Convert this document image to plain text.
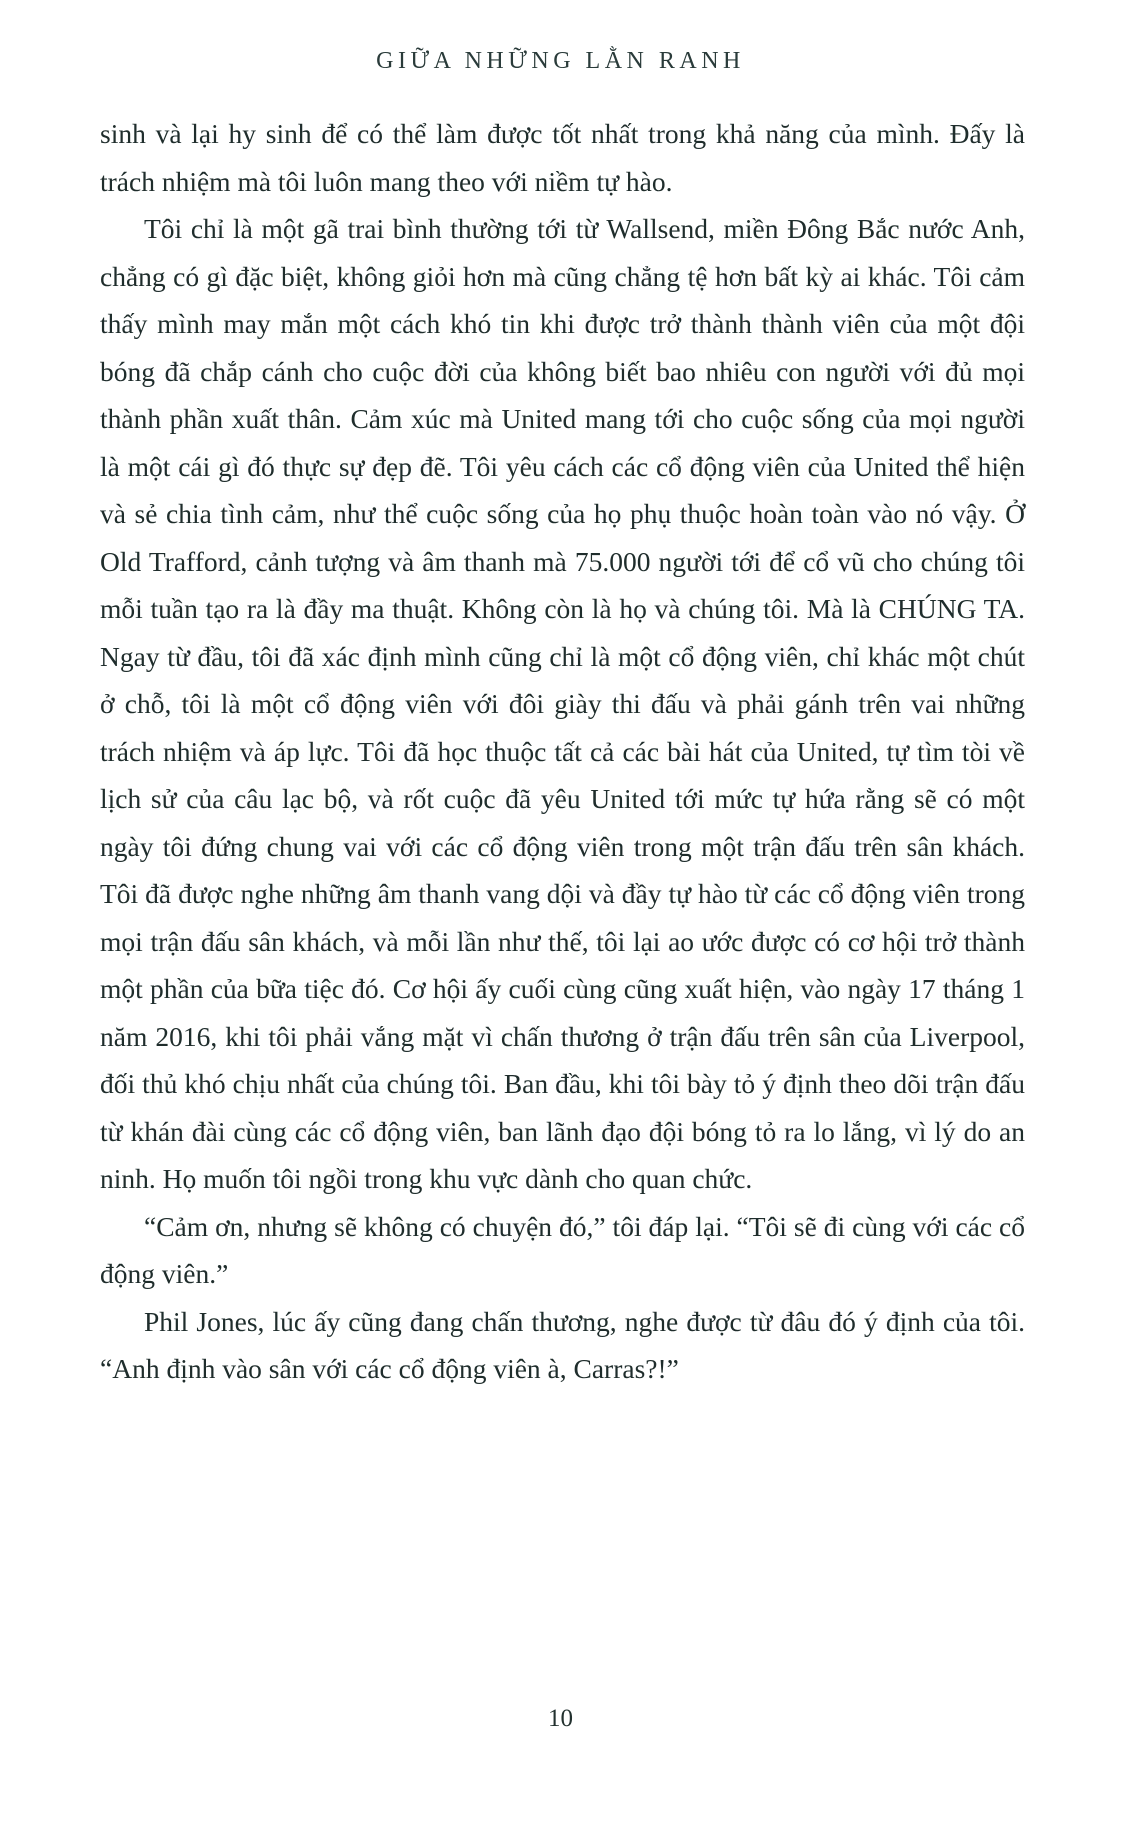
GIỮA NHỮNG LẰN RANH

sinh và lại hy sinh để có thể làm được tốt nhất trong khả năng của mình. Đấy là trách nhiệm mà tôi luôn mang theo với niềm tự hào.

Tôi chỉ là một gã trai bình thường tới từ Wallsend, miền Đông Bắc nước Anh, chẳng có gì đặc biệt, không giỏi hơn mà cũng chẳng tệ hơn bất kỳ ai khác. Tôi cảm thấy mình may mắn một cách khó tin khi được trở thành thành viên của một đội bóng đã chắp cánh cho cuộc đời của không biết bao nhiêu con người với đủ mọi thành phần xuất thân. Cảm xúc mà United mang tới cho cuộc sống của mọi người là một cái gì đó thực sự đẹp đẽ. Tôi yêu cách các cổ động viên của United thể hiện và sẻ chia tình cảm, như thể cuộc sống của họ phụ thuộc hoàn toàn vào nó vậy. Ở Old Trafford, cảnh tượng và âm thanh mà 75.000 người tới để cổ vũ cho chúng tôi mỗi tuần tạo ra là đầy ma thuật. Không còn là họ và chúng tôi. Mà là CHÚNG TA. Ngay từ đầu, tôi đã xác định mình cũng chỉ là một cổ động viên, chỉ khác một chút ở chỗ, tôi là một cổ động viên với đôi giày thi đấu và phải gánh trên vai những trách nhiệm và áp lực. Tôi đã học thuộc tất cả các bài hát của United, tự tìm tòi về lịch sử của câu lạc bộ, và rốt cuộc đã yêu United tới mức tự hứa rằng sẽ có một ngày tôi đứng chung vai với các cổ động viên trong một trận đấu trên sân khách. Tôi đã được nghe những âm thanh vang dội và đầy tự hào từ các cổ động viên trong mọi trận đấu sân khách, và mỗi lần như thế, tôi lại ao ước được có cơ hội trở thành một phần của bữa tiệc đó. Cơ hội ấy cuối cùng cũng xuất hiện, vào ngày 17 tháng 1 năm 2016, khi tôi phải vắng mặt vì chấn thương ở trận đấu trên sân của Liverpool, đối thủ khó chịu nhất của chúng tôi. Ban đầu, khi tôi bày tỏ ý định theo dõi trận đấu từ khán đài cùng các cổ động viên, ban lãnh đạo đội bóng tỏ ra lo lắng, vì lý do an ninh. Họ muốn tôi ngồi trong khu vực dành cho quan chức.

“Cảm ơn, nhưng sẽ không có chuyện đó,” tôi đáp lại. “Tôi sẽ đi cùng với các cổ động viên.”

Phil Jones, lúc ấy cũng đang chấn thương, nghe được từ đâu đó ý định của tôi. “Anh định vào sân với các cổ động viên à, Carras?!”

10
